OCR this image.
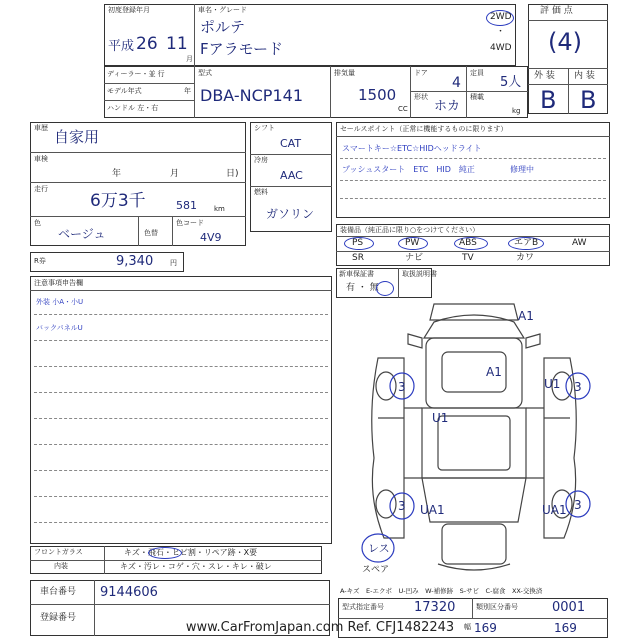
初度登録年月
平成 26 11
月
車名・グレード
ポルテ
Fアラモード
2WD
・
4WD
評 価 点
(4)
外 装 内 装
B B
ディーラー・並 行
モデル年式	年
ハンドル 左・右
型式
DBA-NCP141
排気量
1500
CC
ドア
4
定員
5人
形状
ホカ
積載
kg
車歴 自家用
車検
年	月	日)
走行
6万3千	581 km
色
ベージュ	色替
色コード
4V9
R券	9,340 円
シフト
CAT
冷房
AAC
燃料
ガソリン
セールスポイント（正常に機能するものに限ります）
スマートキー☆ETC☆HIDヘッドライト
プッシュスタート　ETC　HID　純正	修理中
装備品（純正品に限り○をつけてください）
PS	PW	ABS	エアB	AW
SR	ナビ	TV	カワ
新車保証書
有 ・ 無
取扱説明書
注意事項申告欄
外装 小A・小U
バックパネルU
A1
A1
U1
3	3
U1
3	3
UA1	UA1
レス
スペア
フロントガラス	キズ・飛石・ヒビ割・リペア跡・X要
内装	キズ・汚レ・コゲ・穴・スレ・キレ・破レ
車台番号 9144606
登録番号
A-キズ　E-エクボ　U-凹み　W-補修跡　S-サビ　C-腐食　XX-交換済
型式指定番号 17320	類別区分番号	0001
幅 169	169
www.CarFromJapan.com Ref. CFJ1482243
